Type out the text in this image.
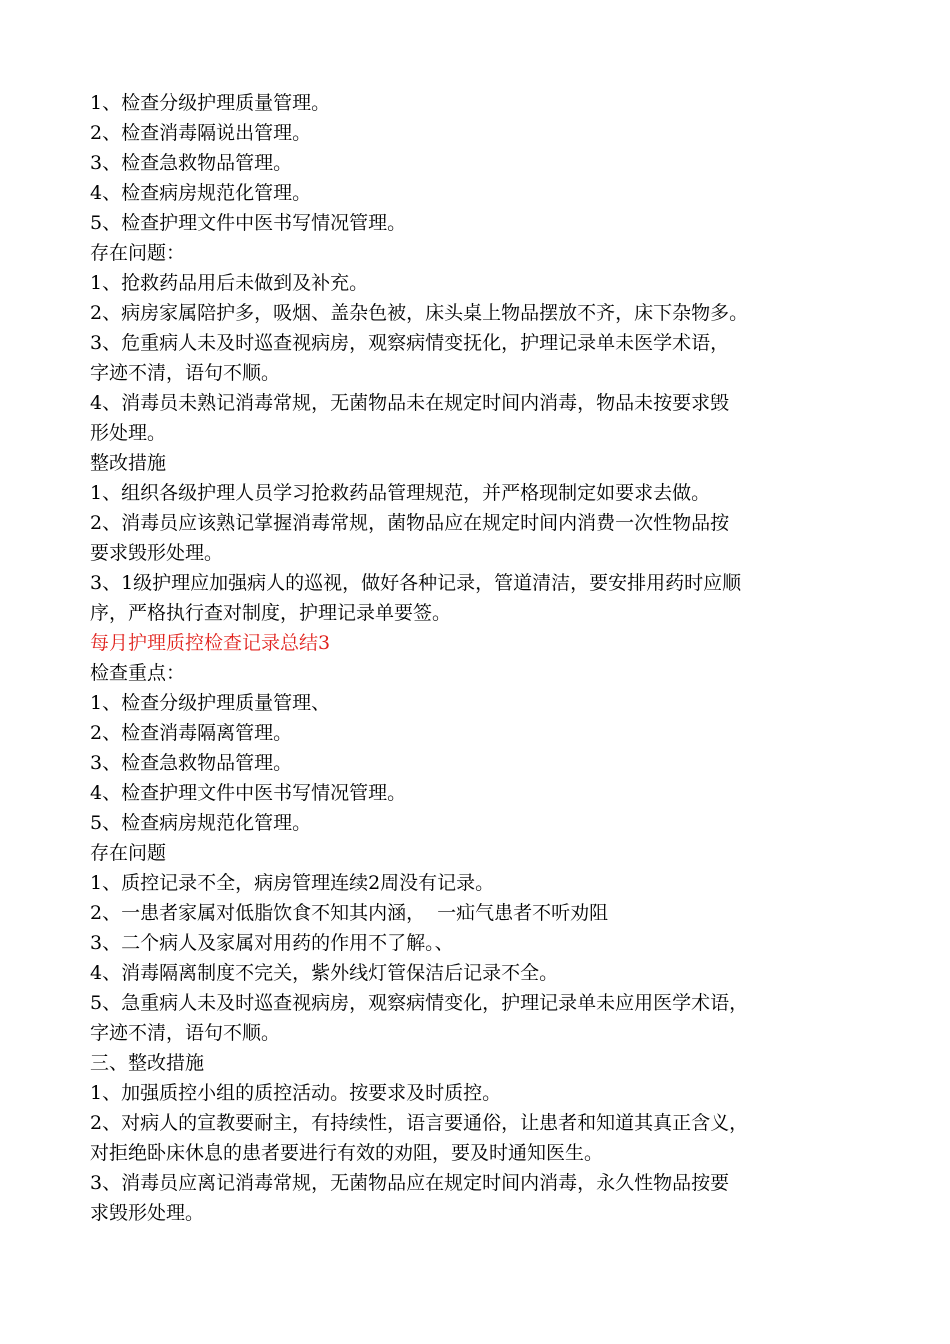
1、检查分级护理质量管理。
2、检查消毒隔说出管理。
3、检查急救物品管理。
4、检查病房规范化管理。
5、检查护理文件中医书写情况管理。
存在问题：
1、抢救药品用后未做到及补充。
2、病房家属陪护多，吸烟、盖杂色被，床头桌上物品摆放不齐，床下杂物多。
3、危重病人未及时巡查视病房，观察病情变抚化，护理记录单未医学术语，
字迹不清，语句不顺。
4、消毒员未熟记消毒常规，无菌物品未在规定时间内消毒，物品未按要求毁
形处理。
整改措施
1、组织各级护理人员学习抢救药品管理规范，并严格现制定如要求去做。
2、消毒员应该熟记掌握消毒常规，菌物品应在规定时间内消费一次性物品按
要求毁形处理。
3、1级护理应加强病人的巡视，做好各种记录，管道清洁，要安排用药时应顺
序，严格执行查对制度，护理记录单要签。
每月护理质控检查记录总结3
检查重点：
1、检查分级护理质量管理、
2、检查消毒隔离管理。
3、检查急救物品管理。
4、检查护理文件中医书写情况管理。
5、检查病房规范化管理。
存在问题
1、质控记录不全，病房管理连续2周没有记录。
2、一患者家属对低脂饮食不知其内涵，  一疝气患者不听劝阻
3、二个病人及家属对用药的作用不了解。、
4、消毒隔离制度不完关，紫外线灯管保洁后记录不全。
5、急重病人未及时巡查视病房，观察病情变化，护理记录单未应用医学术语，
字迹不清，语句不顺。
三、整改措施
1、加强质控小组的质控活动。按要求及时质控。
2、对病人的宣教要耐主，有持续性，语言要通俗，让患者和知道其真正含义，
对拒绝卧床休息的患者要进行有效的劝阻，要及时通知医生。
3、消毒员应离记消毒常规，无菌物品应在规定时间内消毒，永久性物品按要
求毁形处理。
